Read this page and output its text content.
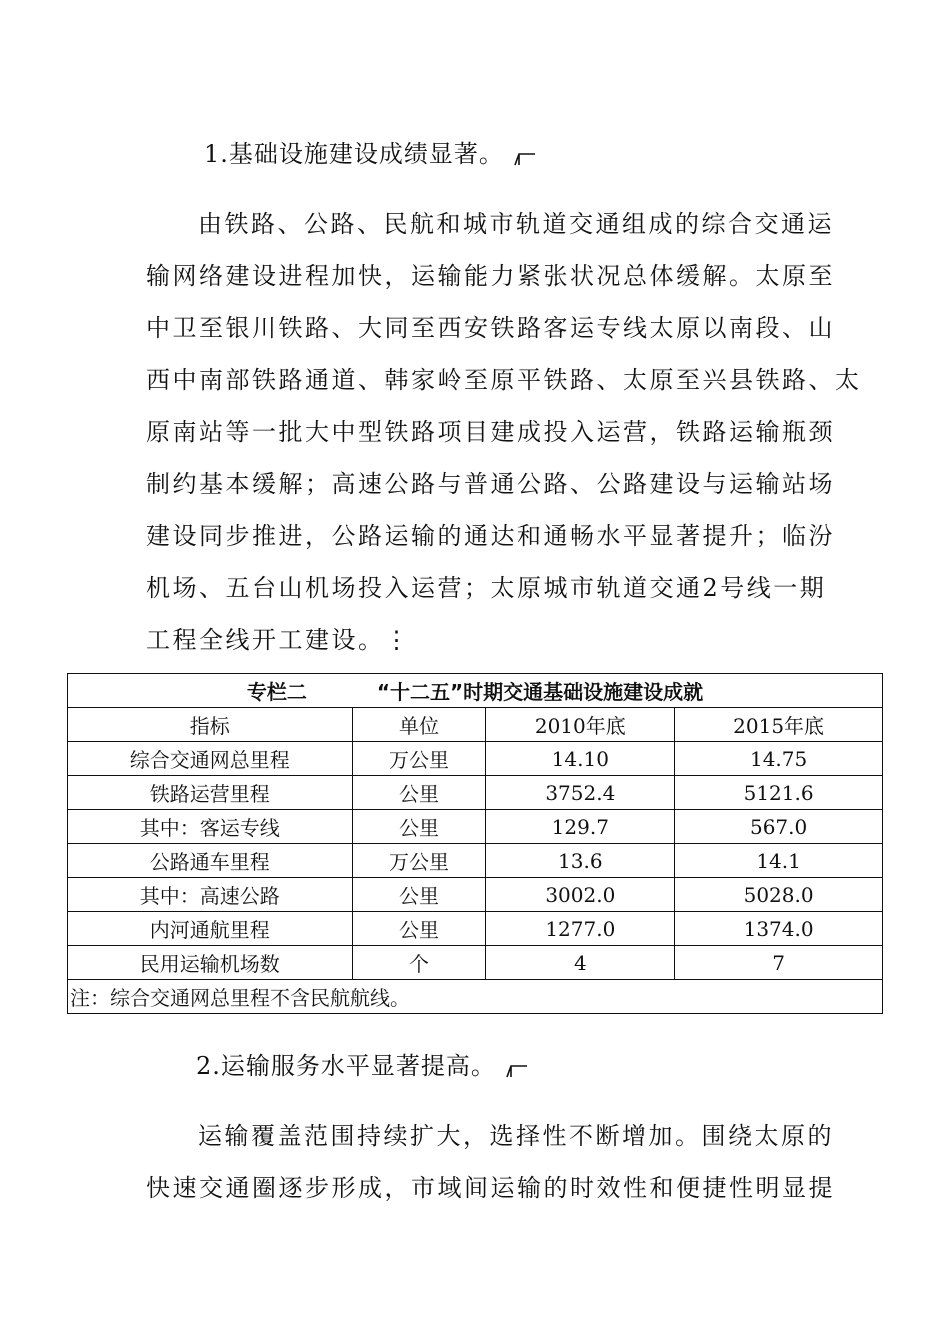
1.基础设施建设成绩显著。
由铁路、公路、民航和城市轨道交通组成的综合交通运
输网络建设进程加快，运输能力紧张状况总体缓解。太原至
中卫至银川铁路、大同至西安铁路客运专线太原以南段、山
西中南部铁路通道、韩家岭至原平铁路、太原至兴县铁路、太
原南站等一批大中型铁路项目建成投入运营，铁路运输瓶颈
制约基本缓解；高速公路与普通公路、公路建设与运输站场
建设同步推进，公路运输的通达和通畅水平显著提升；临汾
机场、五台山机场投入运营；太原城市轨道交通2号线一期
工程全线开工建设。⋮
专栏二 “十二五”时期交通基础设施建设成就			
指标	单位	2010年底	2015年底
综合交通网总里程	万公里	14.10	14.75
铁路运营里程	公里	3752.4	5121.6
其中：客运专线	公里	129.7	567.0
公路通车里程	万公里	13.6	14.1
其中：高速公路	公里	3002.0	5028.0
内河通航里程	公里	1277.0	1374.0
民用运输机场数	个	4	7
注：综合交通网总里程不含民航航线。			
2.运输服务水平显著提高。
运输覆盖范围持续扩大，选择性不断增加。围绕太原的
快速交通圈逐步形成，市域间运输的时效性和便捷性明显提
